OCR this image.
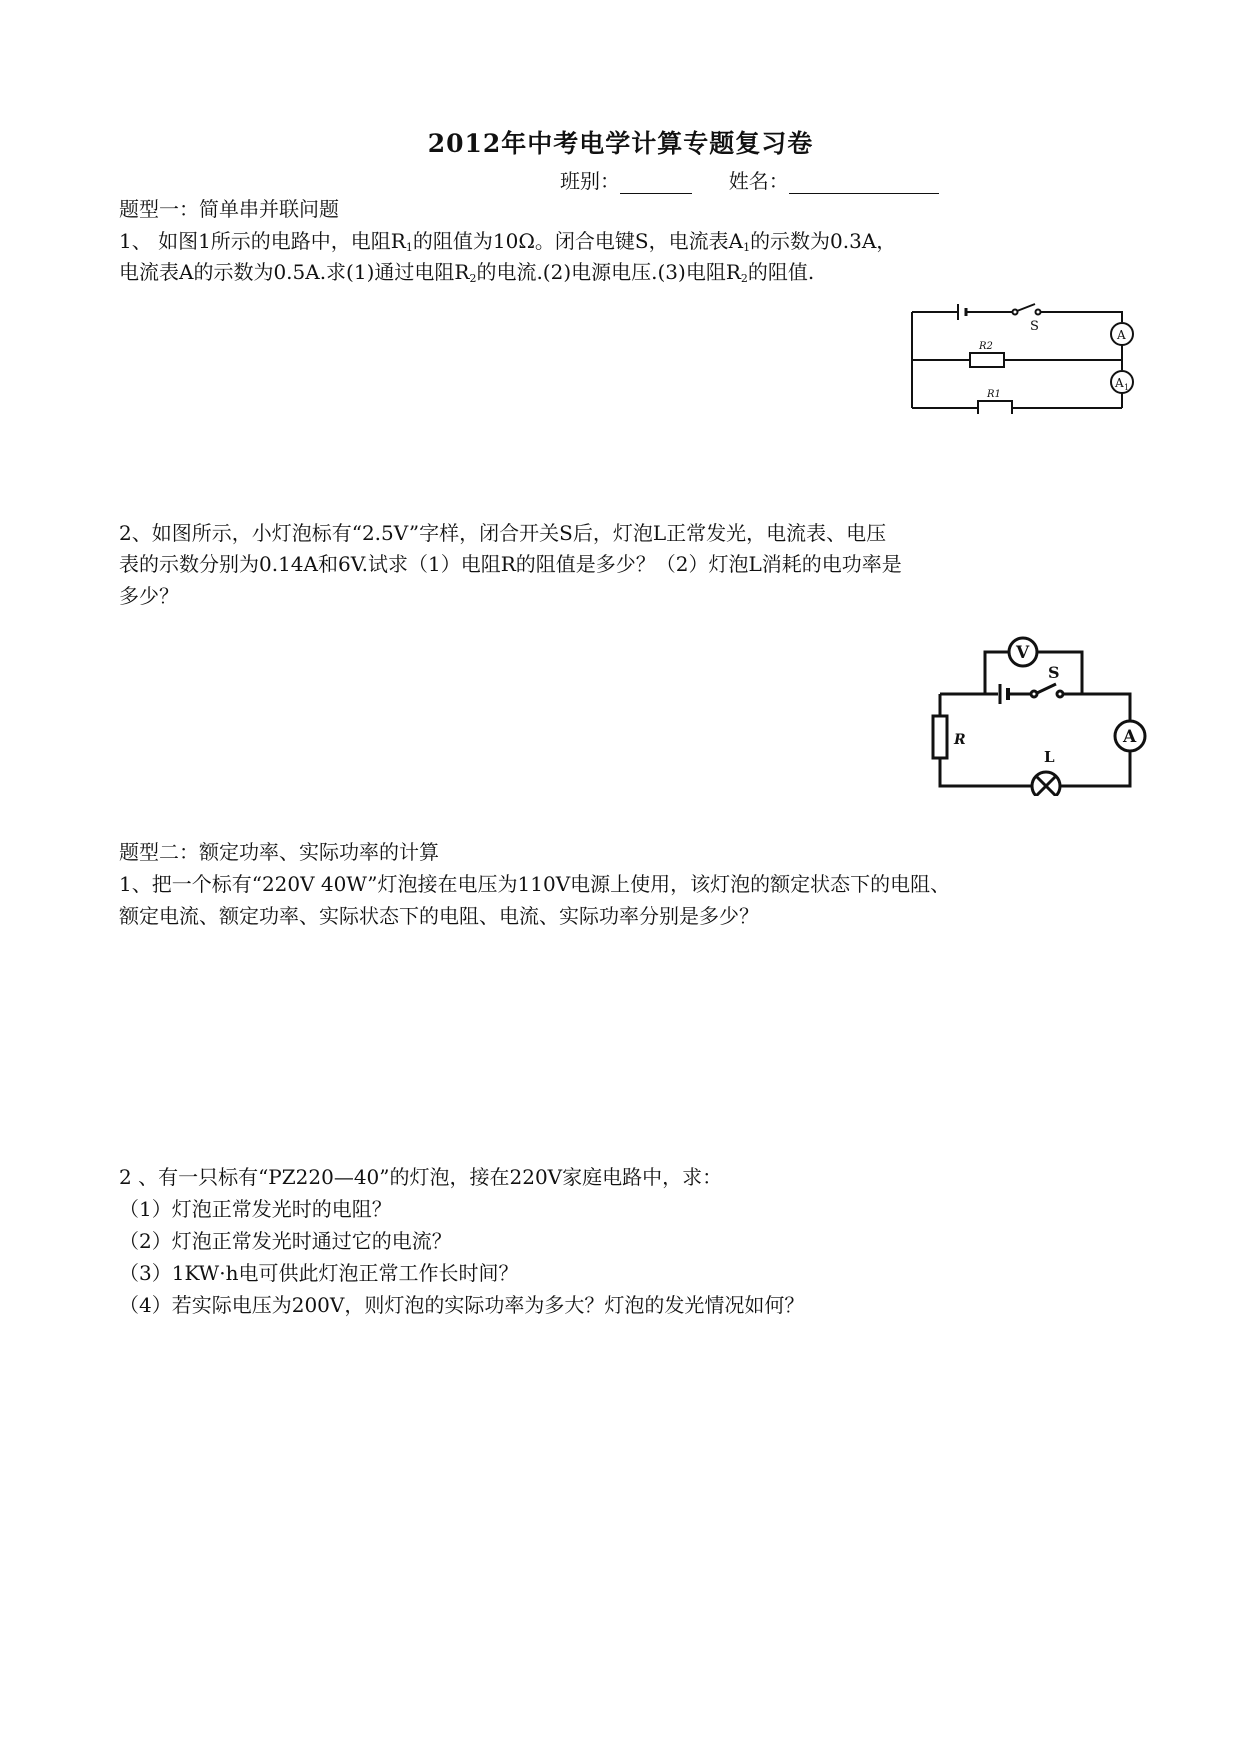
2012年中考电学计算专题复习卷
班别：	姓名：
题型一：简单串并联问题
1、 如图1所示的电路中，电阻$R_1$的阻值为10Ω。闭合电键S，电流表$A_1$的示数为0.3A，
电流表A的示数为0.5A.求(1)通过电阻$R_2$的电流.(2)电源电压.(3)电阻$R_2$的阻值.
S
A
A 1
R2
R1
2、如图所示，小灯泡标有“2.5V”字样，闭合开关S后，灯泡L正常发光，电流表、电压
表的示数分别为0.14A和6V.试求（1）电阻R的阻值是多少？（2）灯泡L消耗的电功率是
多少？
V
S
R	A
L
题型二：额定功率、实际功率的计算
1、把一个标有“220V 40W”灯泡接在电压为110V电源上使用，该灯泡的额定状态下的电阻、
额定电流、额定功率、实际状态下的电阻、电流、实际功率分别是多少？
2 、有一只标有“PZ220—40”的灯泡，接在220V家庭电路中，求：
（1）灯泡正常发光时的电阻？
（2）灯泡正常发光时通过它的电流？
（3）1KW·h电可供此灯泡正常工作长时间？
（4）若实际电压为200V，则灯泡的实际功率为多大？灯泡的发光情况如何？
